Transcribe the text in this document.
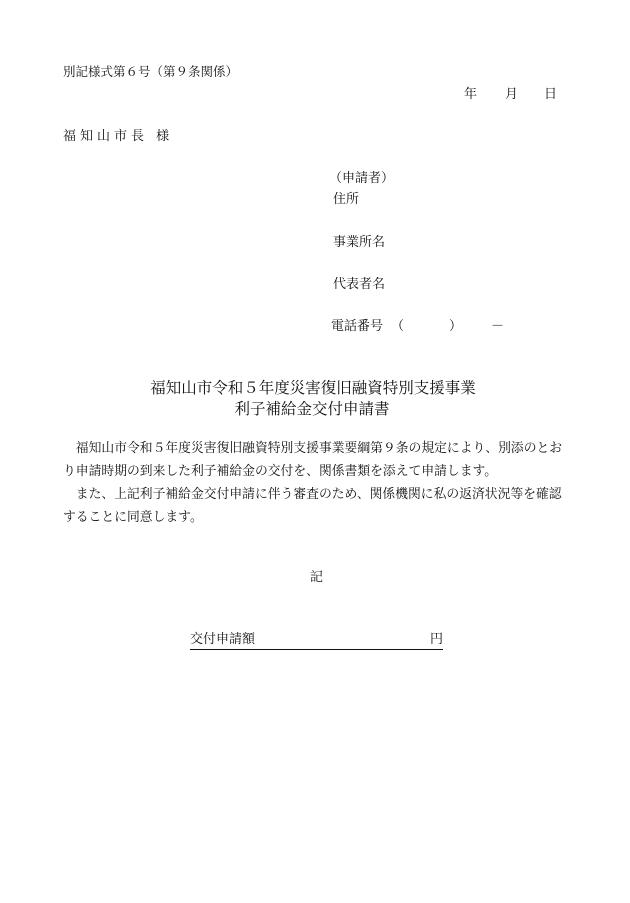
別記様式第６号（第９条関係）
年 月 日
福知山市長 様
（申請者）
住所
事業所名
代表者名
電話番号 （	） －
福知山市令和５年度災害復旧融資特別支援事業
利子補給金交付申請書
　福知山市令和５年度災害復旧融資特別支援事業要綱第９条の規定により、別添のとおり申請時期の到来した利子補給金の交付を、関係書類を添えて申請します。
　また、上記利子補給金交付申請に伴う審査のため、関係機関に私の返済状況等を確認することに同意します。
記
交付申請額	円
